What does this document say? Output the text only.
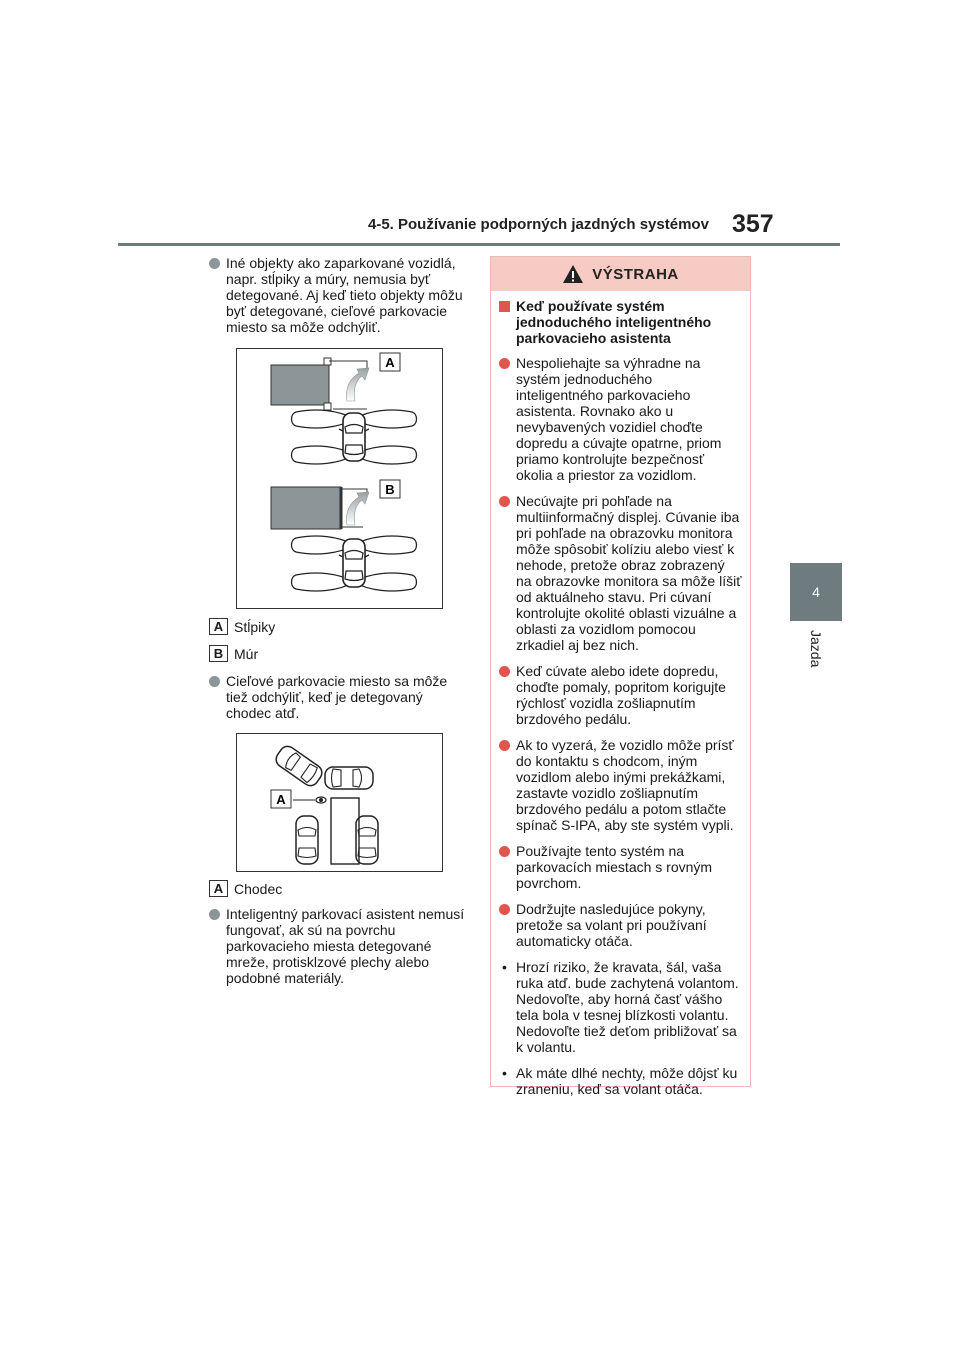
4-5. Používanie podporných jazdných systémov 357
4
Jazda

Iné objekty ako zaparkované vozidlá, napr. stĺpiky a múry, nemusia byť detegované. Aj keď tieto objekty môžu byť detegované, cieľové parkovacie miesto sa môže odchýliť.

A
B
A Stĺpiky
B Múr

Cieľové parkovacie miesto sa môže tiež odchýliť, keď je detegovaný chodec atď.

A
A Chodec

Inteligentný parkovací asistent nemusí fungovať, ak sú na povrchu parkovacieho miesta detegované mreže, protisklzové plechy alebo podobné materiály.

VÝSTRAHA
Keď používate systém jednoduchého inteligentného parkovacieho asistenta
Nespoliehajte sa výhradne na systém jednoduchého inteligentného parkovacieho asistenta. Rovnako ako u nevybavených vozidiel choďte dopredu a cúvajte opatrne, priom priamo kontrolujte bezpečnosť okolia a priestor za vozidlom.
Necúvajte pri pohľade na multiinformačný displej. Cúvanie iba pri pohľade na obrazovku monitora môže spôsobiť kolíziu alebo viesť k nehode, pretože obraz zobrazený na obrazovke monitora sa môže líšiť od aktuálneho stavu. Pri cúvaní kontrolujte okolité oblasti vizuálne a oblasti za vozidlom pomocou zrkadiel aj bez nich.
Keď cúvate alebo idete dopredu, choďte pomaly, popritom korigujte rýchlosť vozidla zošliapnutím brzdového pedálu.
Ak to vyzerá, že vozidlo môže prísť do kontaktu s chodcom, iným vozidlom alebo inými prekážkami, zastavte vozidlo zošliapnutím brzdového pedálu a potom stlačte spínač S-IPA, aby ste systém vypli.
Používajte tento systém na parkovacích miestach s rovným povrchom.
Dodržujte nasledujúce pokyny, pretože sa volant pri používaní automaticky otáča.
• Hrozí riziko, že kravata, šál, vaša ruka atď. bude zachytená volantom. Nedovoľte, aby horná časť vášho tela bola v tesnej blízkosti volantu. Nedovoľte tiež deťom približovať sa k volantu.
• Ak máte dlhé nechty, môže dôjsť ku zraneniu, keď sa volant otáča.
